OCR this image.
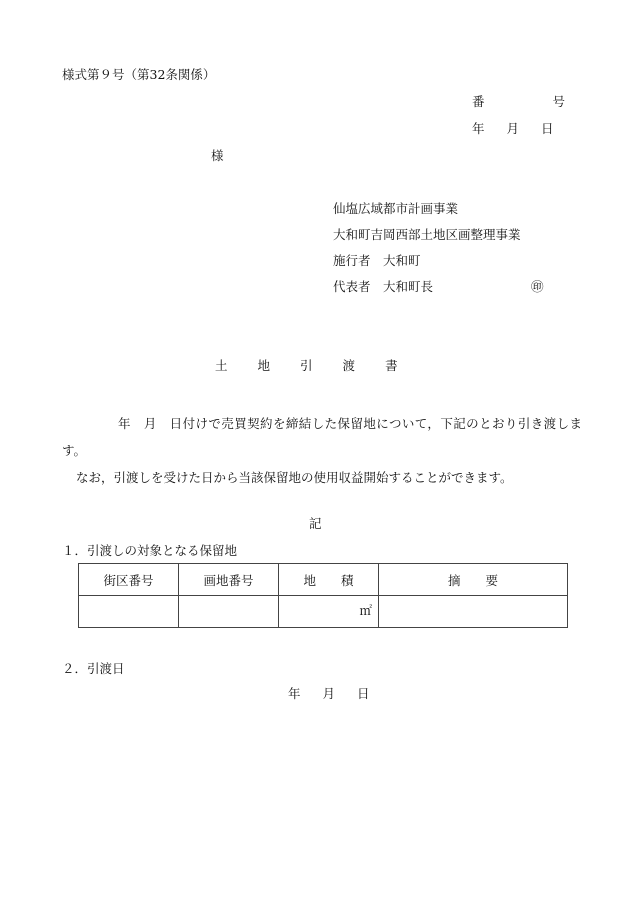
様式第９号（第32条関係）
番	号
年 月 日
様
仙塩広域都市計画事業
大和町吉岡西部土地区画整理事業
施行者　大和町
代表者　大和町長	㊞
土 地 引 渡 書

年　月　日付けで売買契約を締結した保留地について，下記のとおり引き渡します。

なお，引渡しを受けた日から当該保留地の使用収益開始することができます。

記
１．引渡しの対象となる保留地
街区番号	画地番号	地　　積	摘　　要
		㎡	
２．引渡日
年 月 日
